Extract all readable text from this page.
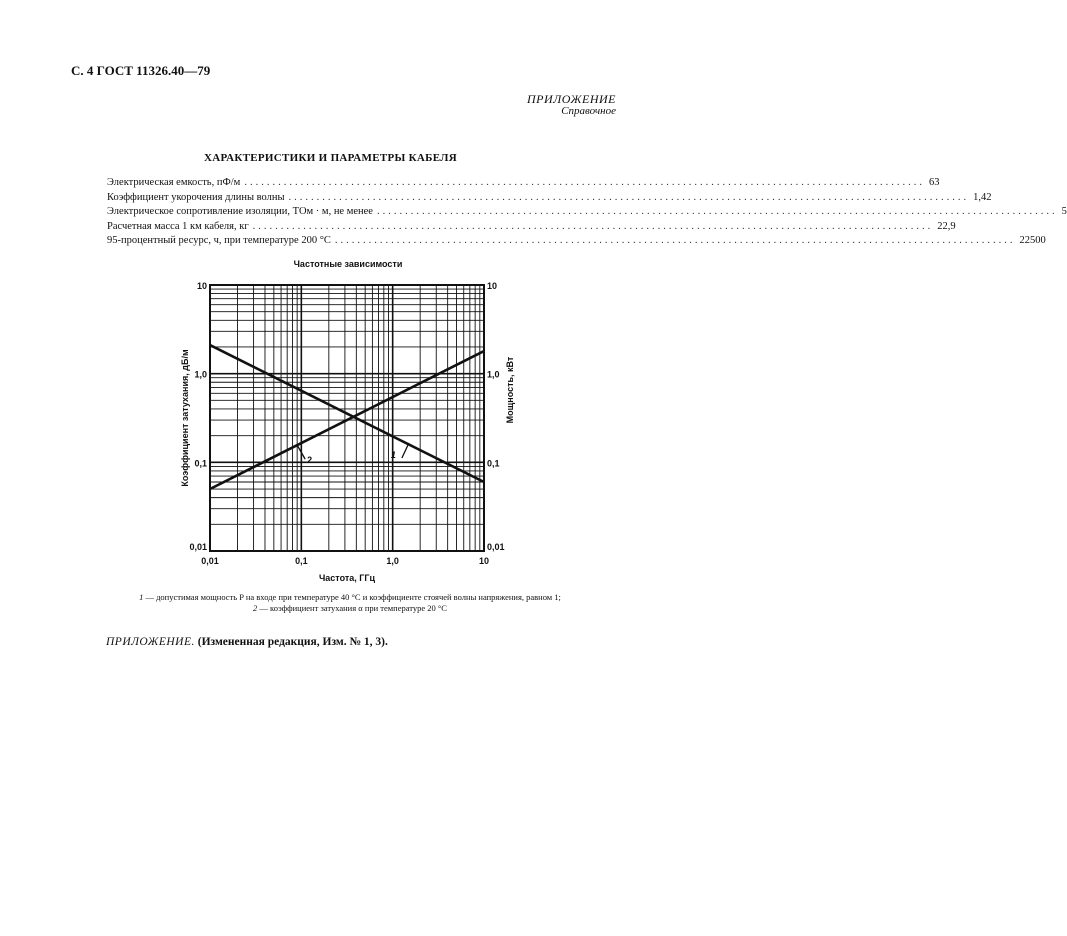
С. 4 ГОСТ 11326.40—79
ПРИЛОЖЕНИЕ
Справочное
ХАРАКТЕРИСТИКИ И ПАРАМЕТРЫ КАБЕЛЯ
Электрическая емкость, пФ/м ......................................................................................................................... 63
Коэффициент укорочения длины волны ......................................................................................................................... 1,42
Электрическое сопротивление изоляции, ТОм · м, не менее ......................................................................................................................... 5
Расчетная масса 1 км кабеля, кг ......................................................................................................................... 22,9
95-процентный ресурс, ч, при температуре 200 °С ......................................................................................................................... 22500
Частотные зависимости
0,01	0,1	1,0	10
0,01	0,01
0,1	0,1
1,0	1,0
10	10
Частота, ГГц
Коэффициент затухания, дБ/м	Мощность, кВт
2
1
1 — допустимая мощность P на входе при температуре 40 °С и коэффициенте стоячей волны напряжения, равном 1;
2 — коэффициент затухания α при температуре 20 °С
ПРИЛОЖЕНИЕ. (Измененная редакция, Изм. № 1, 3).
